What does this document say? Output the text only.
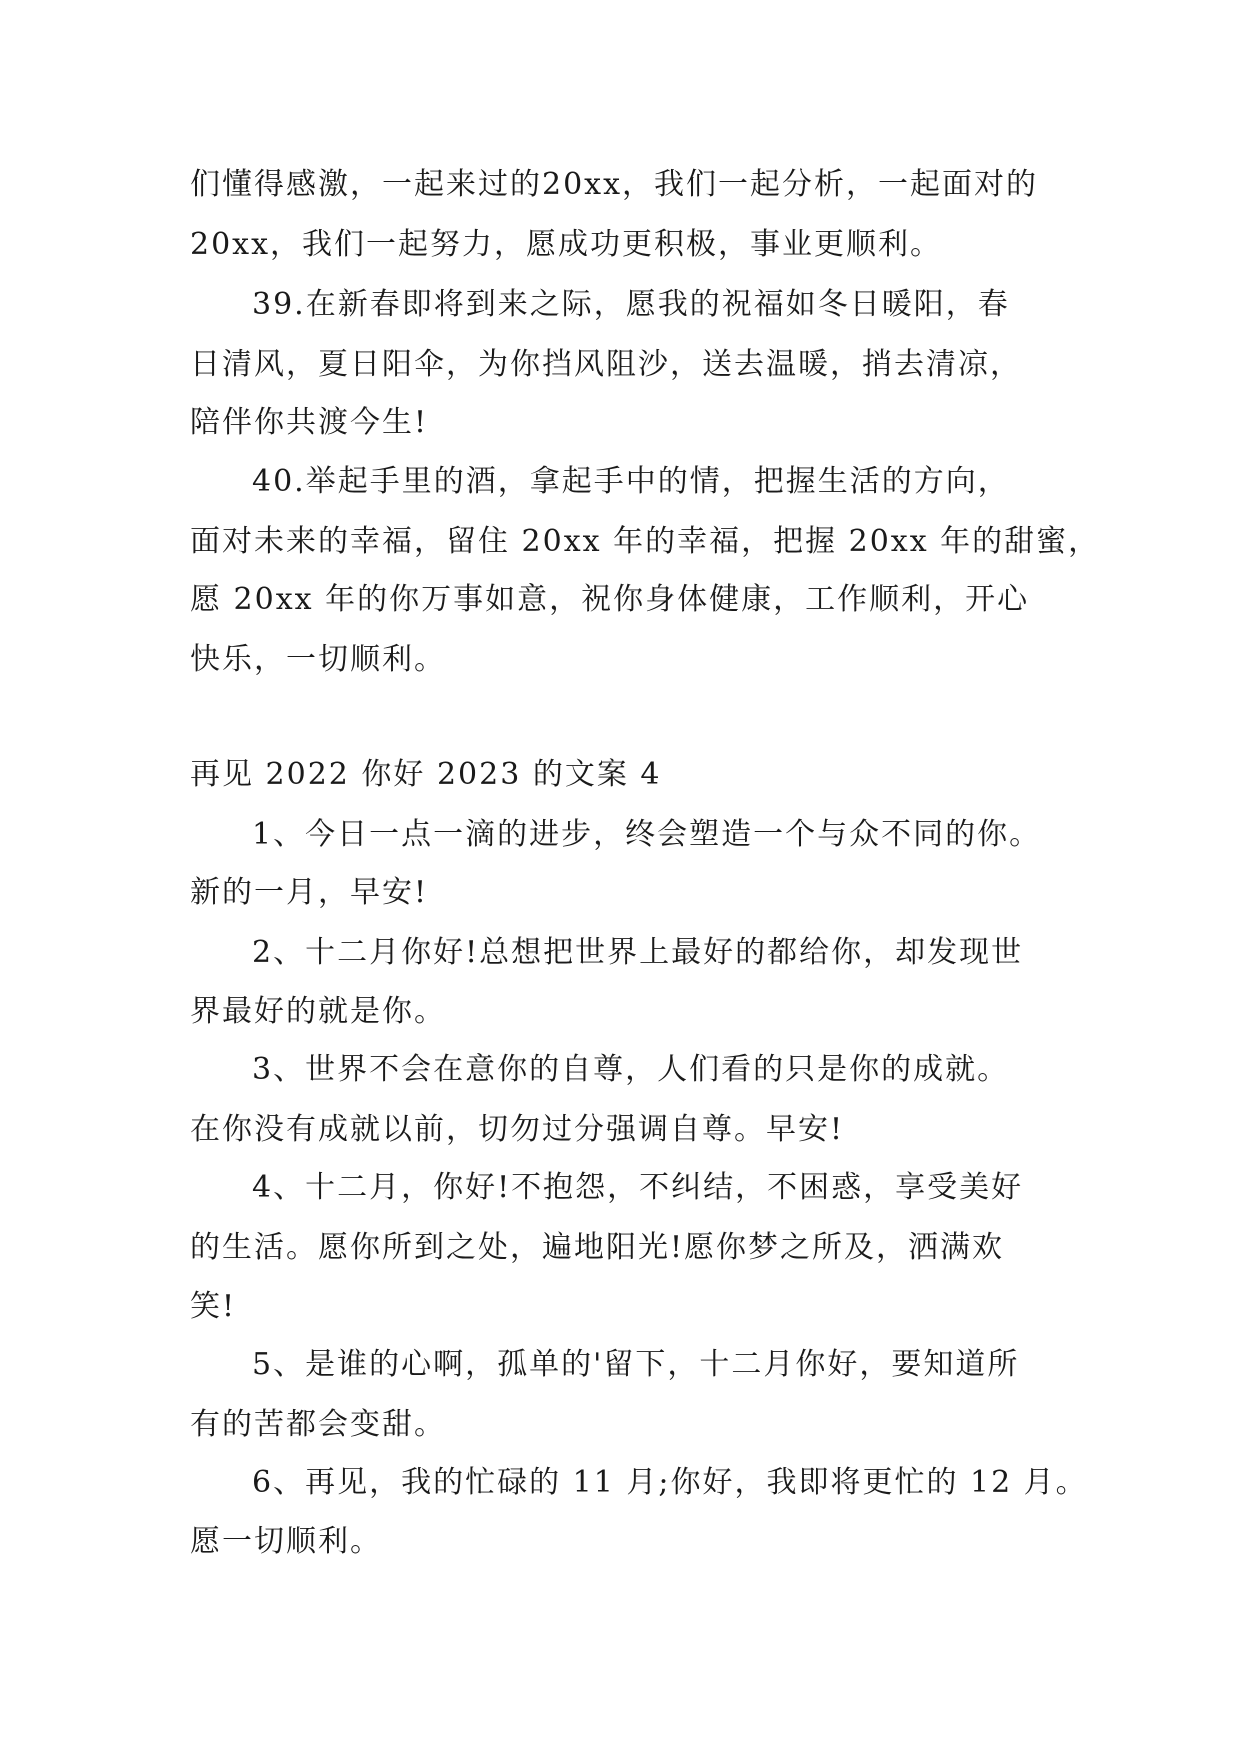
们懂得感激，一起来过的20xx，我们一起分析，一起面对的
20xx，我们一起努力，愿成功更积极，事业更顺利。
39.在新春即将到来之际，愿我的祝福如冬日暖阳，春
日清风，夏日阳伞，为你挡风阻沙，送去温暖，捎去清凉，
陪伴你共渡今生!
40.举起手里的酒，拿起手中的情，把握生活的方向，
面对未来的幸福，留住 20xx 年的幸福，把握 20xx 年的甜蜜，
愿 20xx 年的你万事如意，祝你身体健康，工作顺利，开心
快乐，一切顺利。
再见 2022 你好 2023 的文案 4
1、今日一点一滴的进步，终会塑造一个与众不同的你。
新的一月，早安!
2、十二月你好!总想把世界上最好的都给你，却发现世
界最好的就是你。
3、世界不会在意你的自尊，人们看的只是你的成就。
在你没有成就以前，切勿过分强调自尊。早安!
4、十二月，你好!不抱怨，不纠结，不困惑，享受美好
的生活。愿你所到之处，遍地阳光!愿你梦之所及，洒满欢
笑!
5、是谁的心啊，孤单的'留下，十二月你好，要知道所
有的苦都会变甜。
6、再见，我的忙碌的 11 月;你好，我即将更忙的 12 月。
愿一切顺利。
